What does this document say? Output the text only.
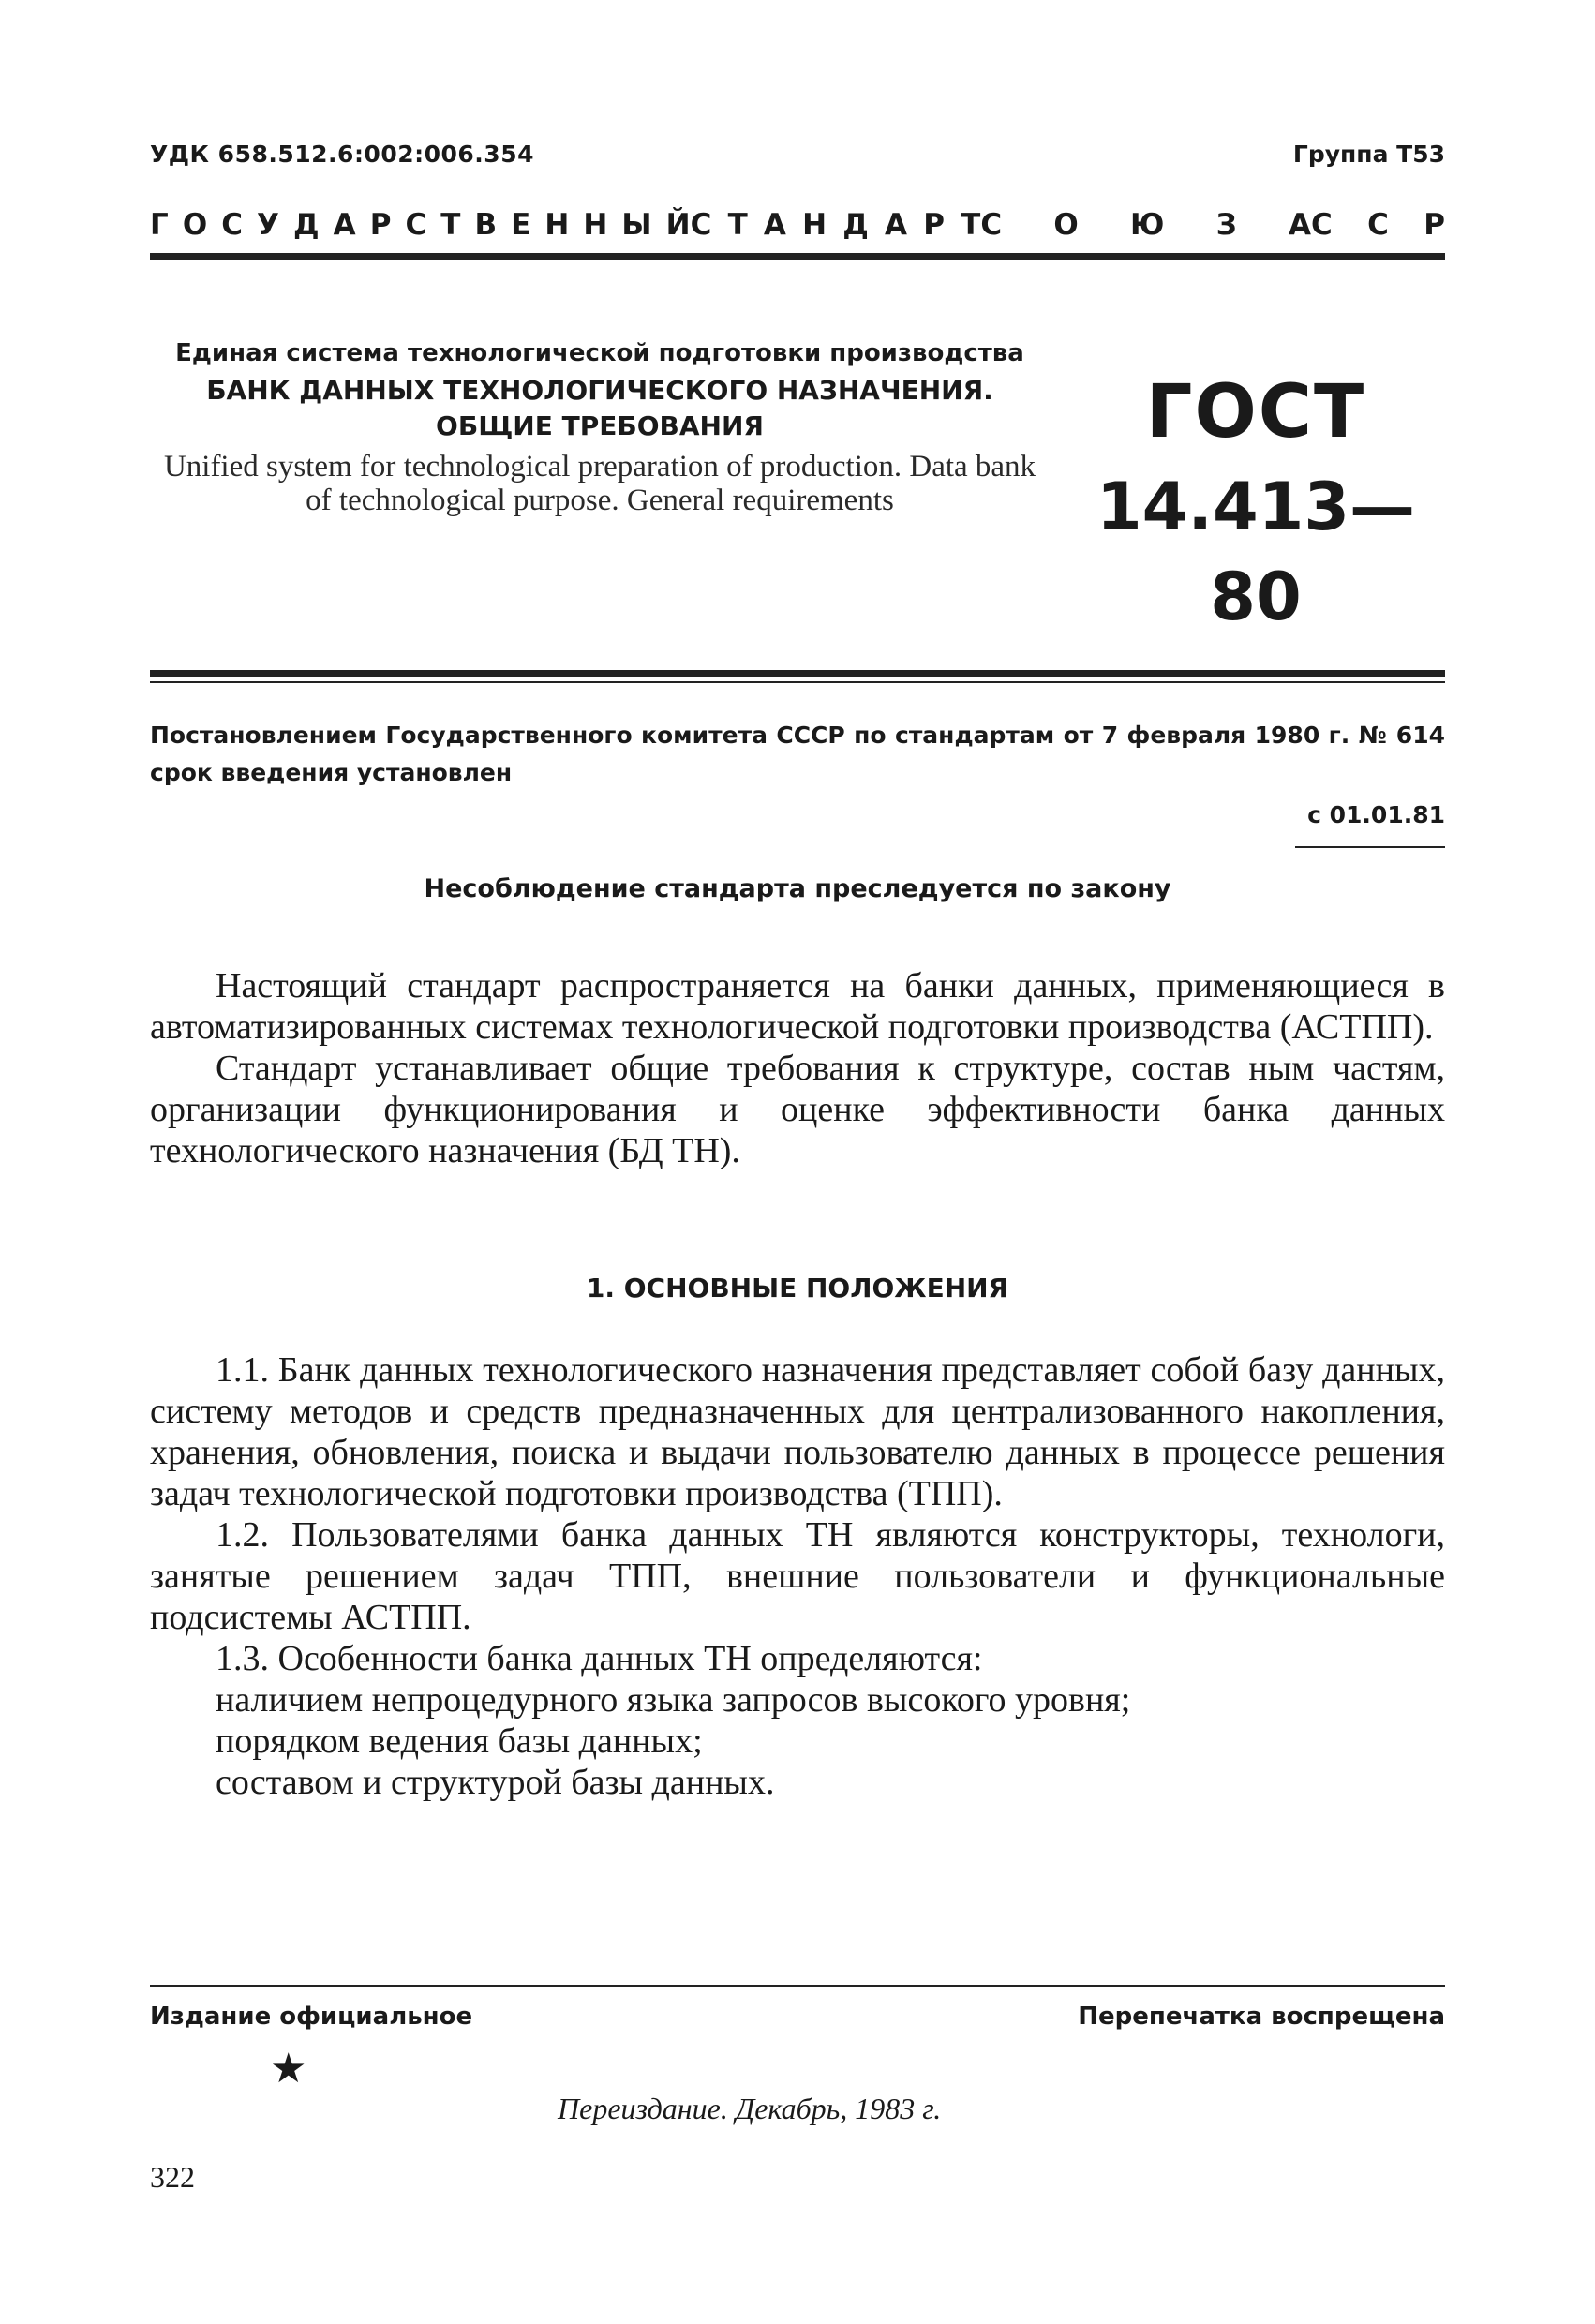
УДК 658.512.6:002:006.354	Группа Т53
Г О С У Д А Р С Т В Е Н Н Ы Й С Т А Н Д А Р Т С О Ю З А С С Р
Единая система технологической подготовки производства
БАНК ДАННЫХ ТЕХНОЛОГИЧЕСКОГО НАЗНАЧЕНИЯ. ОБЩИЕ ТРЕБОВАНИЯ
Unified system for technological preparation of production. Data bank of technological purpose. General requirements
ГОСТ
14.413—80
Постановлением Государственного комитета СССР по стандартам от 7 февраля 1980 г. № 614 срок введения установлен
с 01.01.81
Несоблюдение стандарта преследуется по закону

Настоящий стандарт распространяется на банки данных, применяющиеся в автоматизированных системах технологической подготовки производства (АСТПП).

Стандарт устанавливает общие требования к структуре, состав ным частям, организации функционирования и оценке эффективности банка данных технологического назначения (БД ТН).

1. ОСНОВНЫЕ ПОЛОЖЕНИЯ

1.1. Банк данных технологического назначения представляет собой базу данных, систему методов и средств предназначенных для централизованного накопления, хранения, обновления, поиска и выдачи пользователю данных в процессе решения задач технологической подготовки производства (ТПП).

1.2. Пользователями банка данных ТН являются конструкторы, технологи, занятые решением задач ТПП, внешние пользователи и функциональные подсистемы АСТПП.

1.3. Особенности банка данных ТН определяются:

наличием непроцедурного языка запросов высокого уровня;

порядком ведения базы данных;

составом и структурой базы данных.

Издание официальное	Перепечатка воспрещена
★
Переиздание. Декабрь, 1983 г.
322
